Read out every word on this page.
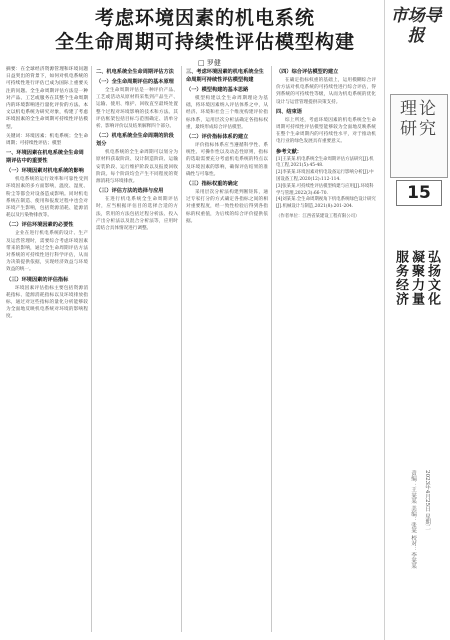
考虑环境因素的机电系统
全生命周期可持续性评估模型构建
□ 罗健
摘要：在全球经济资源管理和环境问题日益突出的背景下，如何对机电系统的可持续性进行评估已成为国际上重要关注的问题。全生命周期评估方法是一种对产品、工艺或服务在其整个生命周期内的环境影响进行量化评价的方法。本文以机电系统为研究对象，构建了考虑环境因素的全生命周期可持续性评估模型。
关键词：环境因素；机电系统；全生命周期；可持续性评估；模型
一、环境因素在机电系统全生命周期评估中的重要性
（一）环境因素对机电系统的影响
机电系统的运行效率和可靠性受到环境因素的多方面影响，温度、湿度、粉尘等都会对设备造成影响。同时机电系统在制造、使用和报废过程中也会对环境产生影响，包括资源消耗、能源消耗以及污染物排放等。
（二）评估环境因素的必要性
企业在进行机电系统的设计、生产及运营管理时，需要综合考虑环境因素带来的影响，通过全生命周期评估方法对系统的可持续性进行科学评估，从而为决策提供依据，实现经济效益与环境效益的统一。
（三）环境因素的评估指标
环境因素评估指标主要包括资源消耗指标、能源消耗指标以及环境排放指标，通过对这些指标的量化分析能够较为全面地反映机电系统对环境的影响程度。
二、机电系统全生命周期评估方法
（一）全生命周期评估的基本原理
全生命周期评估是一种评价产品、工艺或活动从原材料采集到产品生产、运输、使用、维护、回收直至最终处置整个过程对环境影响的技术和方法。其评估框架包括目标与范围确定、清单分析、影响评价以及结果解释四个部分。
（二）机电系统全生命周期的阶段划分
机电系统的全生命周期可以划分为原材料获取阶段、设计制造阶段、运输安装阶段、运行维护阶段以及报废回收阶段。每个阶段均会产生不同程度的资源消耗与环境排放。
（三）评估方法的选择与应用
在进行机电系统全生命周期评估时，应当根据评估目的选择合适的方法，常用的方法包括过程分析法、投入产出分析法以及混合分析法等，应用时需结合具体情况进行调整。
三、考虑环境因素的机电系统全生命周期可持续性评估模型构建
（一）模型构建的基本思路
模型构建以全生命周期理论为基础，将环境因素纳入评估体系之中，从经济、环境和社会三个维度构建评价指标体系，运用层次分析法确定各指标权重，最终形成综合评估模型。
（二）评价指标体系的建立
评价指标体系应当遵循科学性、系统性、可操作性以及动态性原则，指标的选取需要充分考虑机电系统的特点以及环境因素的影响，确保评估结果的准确性与可靠性。
（三）指标权重的确定
采用层次分析法构建判断矩阵，通过专家打分的方式确定各指标之间的相对重要程度，经一致性检验后得到各指标的权重值，为后续的综合评价提供依据。
（四）综合评估模型的建立
在确定指标权重的基础上，运用模糊综合评价方法对机电系统的可持续性进行综合评估，得到系统的可持续性等级，从而为机电系统的优化设计与运营管理提供决策支持。
四、结束语
综上所述，考虑环境因素的机电系统全生命周期可持续性评估模型能够较为全面地反映系统在整个生命周期内的可持续性水平，对于推动机电行业的绿色发展具有重要意义。
参考文献：
[1]王某某.机电系统全生命周期评估方法研究[J].机电工程,2021(5):45-48.
[2]李某某.环境因素对机电设备运行影响分析[J].中国设备工程,2020(12):112-114.
[3]张某某.可持续性评估模型构建与应用[J].环境科学与管理,2022(3):66-70.
[4]刘某某.全生命周期视角下机电系统绿色设计研究[J].机械设计与制造,2021(8):201-204.
（作者单位：江西省某建设工程有限公司）
市场导报
理论研究
15
弘扬文化
凝聚力量
服务经济
2023年4月25日 星期二
责编：王某某 美编：张某 校对：李某某
